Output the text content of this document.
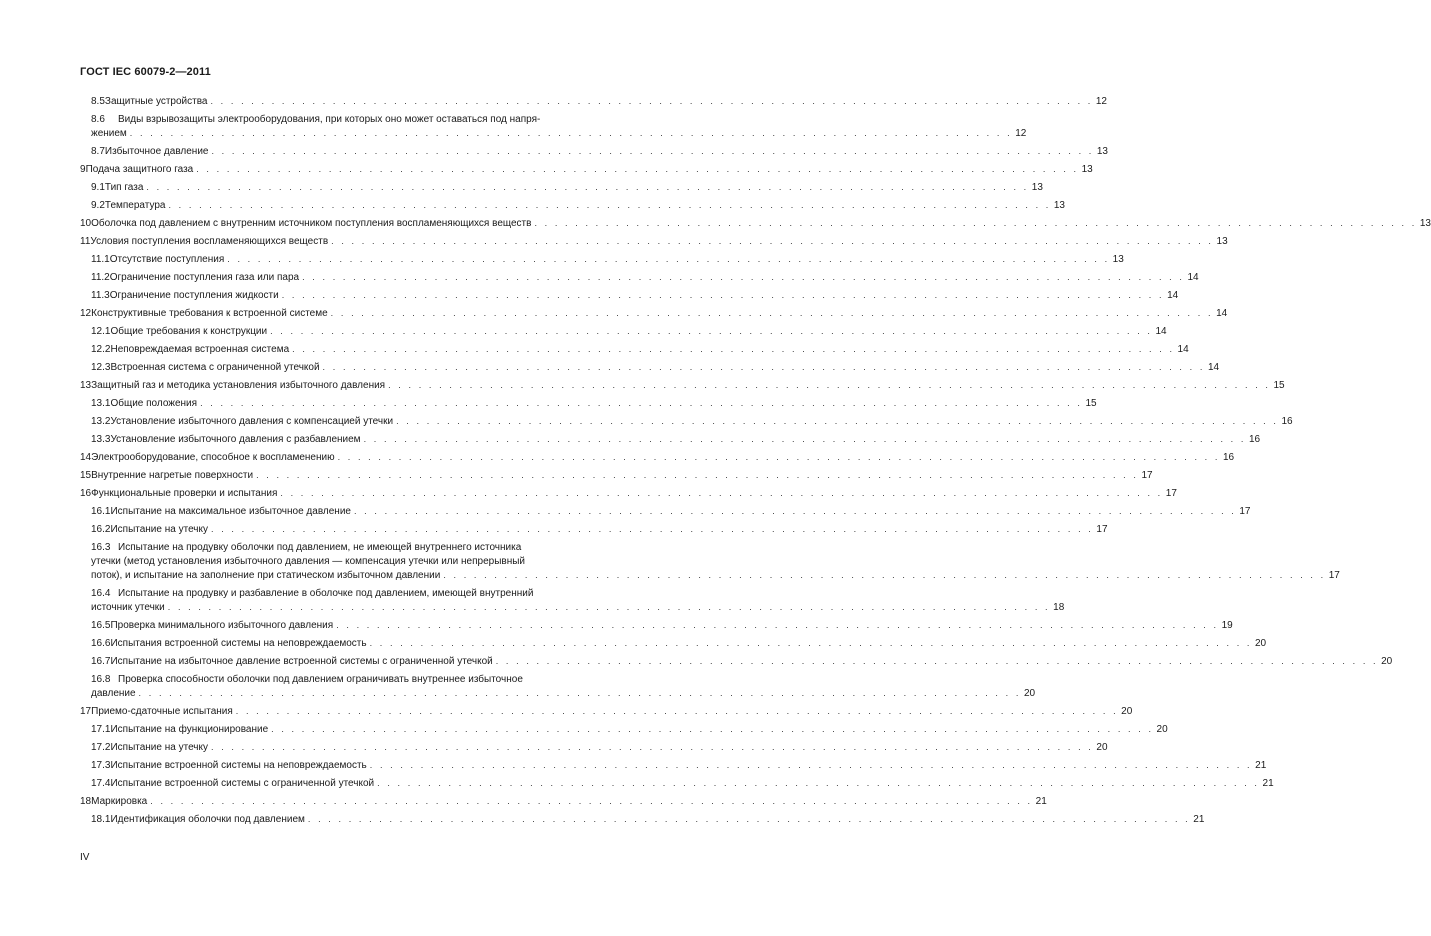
ГОСТ IEC 60079-2—2011
8.5 Защитные устройства . . . . . . . . . . . . . . . . . . . . . . . . . . . . . . . . . . . . . . . . . . . . . . . . . . . . . . . . . . . . . . . . . . . . . . . . . . . . . . . . . . . . . . . 12
8.6 Виды взрывозащиты электрооборудования, при которых оно может оставаться под напря-
жением . . . . . . . . . . . . . . . . . . . . . . . . . . . . . . . . . . . . . . . . . . . . . . . . . . . . . . . . . . . . . . . . . . . . . . . . . . . . . . . . . . . . . . . 12
8.7 Избыточное давление . . . . . . . . . . . . . . . . . . . . . . . . . . . . . . . . . . . . . . . . . . . . . . . . . . . . . . . . . . . . . . . . . . . . . . . . . . . . . . . . . . . . . . . 13
9 Подача защитного газа . . . . . . . . . . . . . . . . . . . . . . . . . . . . . . . . . . . . . . . . . . . . . . . . . . . . . . . . . . . . . . . . . . . . . . . . . . . . . . . . . . . . . . . 13
9.1 Тип газа . . . . . . . . . . . . . . . . . . . . . . . . . . . . . . . . . . . . . . . . . . . . . . . . . . . . . . . . . . . . . . . . . . . . . . . . . . . . . . . . . . . . . . . 13
9.2 Температура . . . . . . . . . . . . . . . . . . . . . . . . . . . . . . . . . . . . . . . . . . . . . . . . . . . . . . . . . . . . . . . . . . . . . . . . . . . . . . . . . . . . . . . 13
10 Оболочка под давлением с внутренним источником поступления воспламеняющихся веществ . . . . . . . . . . . . . . . . . . . . . . . . . . . . . . . . . . . . . . . . . . . . . . . . . . . . . . . . . . . . . . . . . . . . . . . . . . . . . . . . . . . . . . . 13
11 Условия поступления воспламеняющихся веществ . . . . . . . . . . . . . . . . . . . . . . . . . . . . . . . . . . . . . . . . . . . . . . . . . . . . . . . . . . . . . . . . . . . . . . . . . . . . . . . . . . . . . . . 13
11.1 Отсутствие поступления . . . . . . . . . . . . . . . . . . . . . . . . . . . . . . . . . . . . . . . . . . . . . . . . . . . . . . . . . . . . . . . . . . . . . . . . . . . . . . . . . . . . . . . 13
11.2 Ограничение поступления газа или пара . . . . . . . . . . . . . . . . . . . . . . . . . . . . . . . . . . . . . . . . . . . . . . . . . . . . . . . . . . . . . . . . . . . . . . . . . . . . . . . . . . . . . . . 14
11.3 Ограничение поступления жидкости . . . . . . . . . . . . . . . . . . . . . . . . . . . . . . . . . . . . . . . . . . . . . . . . . . . . . . . . . . . . . . . . . . . . . . . . . . . . . . . . . . . . . . . 14
12 Конструктивные требования к встроенной системе . . . . . . . . . . . . . . . . . . . . . . . . . . . . . . . . . . . . . . . . . . . . . . . . . . . . . . . . . . . . . . . . . . . . . . . . . . . . . . . . . . . . . . . 14
12.1 Общие требования к конструкции . . . . . . . . . . . . . . . . . . . . . . . . . . . . . . . . . . . . . . . . . . . . . . . . . . . . . . . . . . . . . . . . . . . . . . . . . . . . . . . . . . . . . . . 14
12.2 Неповреждаемая встроенная система . . . . . . . . . . . . . . . . . . . . . . . . . . . . . . . . . . . . . . . . . . . . . . . . . . . . . . . . . . . . . . . . . . . . . . . . . . . . . . . . . . . . . . . 14
12.3 Встроенная система с ограниченной утечкой . . . . . . . . . . . . . . . . . . . . . . . . . . . . . . . . . . . . . . . . . . . . . . . . . . . . . . . . . . . . . . . . . . . . . . . . . . . . . . . . . . . . . . . 14
13 Защитный газ и методика установления избыточного давления . . . . . . . . . . . . . . . . . . . . . . . . . . . . . . . . . . . . . . . . . . . . . . . . . . . . . . . . . . . . . . . . . . . . . . . . . . . . . . . . . . . . . . . 15
13.1 Общие положения . . . . . . . . . . . . . . . . . . . . . . . . . . . . . . . . . . . . . . . . . . . . . . . . . . . . . . . . . . . . . . . . . . . . . . . . . . . . . . . . . . . . . . . 15
13.2 Установление избыточного давления с компенсацией утечки . . . . . . . . . . . . . . . . . . . . . . . . . . . . . . . . . . . . . . . . . . . . . . . . . . . . . . . . . . . . . . . . . . . . . . . . . . . . . . . . . . . . . . . 16
13.3 Установление избыточного давления с разбавлением . . . . . . . . . . . . . . . . . . . . . . . . . . . . . . . . . . . . . . . . . . . . . . . . . . . . . . . . . . . . . . . . . . . . . . . . . . . . . . . . . . . . . . . 16
14 Электрооборудование, способное к воспламенению . . . . . . . . . . . . . . . . . . . . . . . . . . . . . . . . . . . . . . . . . . . . . . . . . . . . . . . . . . . . . . . . . . . . . . . . . . . . . . . . . . . . . . . 16
15 Внутренние нагретые поверхности . . . . . . . . . . . . . . . . . . . . . . . . . . . . . . . . . . . . . . . . . . . . . . . . . . . . . . . . . . . . . . . . . . . . . . . . . . . . . . . . . . . . . . . 17
16 Функциональные проверки и испытания . . . . . . . . . . . . . . . . . . . . . . . . . . . . . . . . . . . . . . . . . . . . . . . . . . . . . . . . . . . . . . . . . . . . . . . . . . . . . . . . . . . . . . . 17
16.1 Испытание на максимальное избыточное давление . . . . . . . . . . . . . . . . . . . . . . . . . . . . . . . . . . . . . . . . . . . . . . . . . . . . . . . . . . . . . . . . . . . . . . . . . . . . . . . . . . . . . . . 17
16.2 Испытание на утечку . . . . . . . . . . . . . . . . . . . . . . . . . . . . . . . . . . . . . . . . . . . . . . . . . . . . . . . . . . . . . . . . . . . . . . . . . . . . . . . . . . . . . . . 17
16.3 Испытание на продувку оболочки под давлением, не имеющей внутреннего источника
утечки (метод установления избыточного давления — компенсация утечки или непрерывный
поток), и испытание на заполнение при статическом избыточном давлении . . . . . . . . . . . . . . . . . . . . . . . . . . . . . . . . . . . . . . . . . . . . . . . . . . . . . . . . . . . . . . . . . . . . . . . . . . . . . . . . . . . . . . . 17
16.4 Испытание на продувку и разбавление в оболочке под давлением, имеющей внутренний
источник утечки . . . . . . . . . . . . . . . . . . . . . . . . . . . . . . . . . . . . . . . . . . . . . . . . . . . . . . . . . . . . . . . . . . . . . . . . . . . . . . . . . . . . . . . 18
16.5 Проверка минимального избыточного давления . . . . . . . . . . . . . . . . . . . . . . . . . . . . . . . . . . . . . . . . . . . . . . . . . . . . . . . . . . . . . . . . . . . . . . . . . . . . . . . . . . . . . . . 19
16.6 Испытания встроенной системы на неповреждаемость . . . . . . . . . . . . . . . . . . . . . . . . . . . . . . . . . . . . . . . . . . . . . . . . . . . . . . . . . . . . . . . . . . . . . . . . . . . . . . . . . . . . . . . 20
16.7 Испытание на избыточное давление встроенной системы с ограниченной утечкой . . . . . . . . . . . . . . . . . . . . . . . . . . . . . . . . . . . . . . . . . . . . . . . . . . . . . . . . . . . . . . . . . . . . . . . . . . . . . . . . . . . . . . . 20
16.8 Проверка способности оболочки под давлением ограничивать внутреннее избыточное
давление . . . . . . . . . . . . . . . . . . . . . . . . . . . . . . . . . . . . . . . . . . . . . . . . . . . . . . . . . . . . . . . . . . . . . . . . . . . . . . . . . . . . . . . 20
17 Приемо-сдаточные испытания . . . . . . . . . . . . . . . . . . . . . . . . . . . . . . . . . . . . . . . . . . . . . . . . . . . . . . . . . . . . . . . . . . . . . . . . . . . . . . . . . . . . . . . 20
17.1 Испытание на функционирование . . . . . . . . . . . . . . . . . . . . . . . . . . . . . . . . . . . . . . . . . . . . . . . . . . . . . . . . . . . . . . . . . . . . . . . . . . . . . . . . . . . . . . . 20
17.2 Испытание на утечку . . . . . . . . . . . . . . . . . . . . . . . . . . . . . . . . . . . . . . . . . . . . . . . . . . . . . . . . . . . . . . . . . . . . . . . . . . . . . . . . . . . . . . . 20
17.3 Испытание встроенной системы на неповреждаемость . . . . . . . . . . . . . . . . . . . . . . . . . . . . . . . . . . . . . . . . . . . . . . . . . . . . . . . . . . . . . . . . . . . . . . . . . . . . . . . . . . . . . . . 21
17.4 Испытание встроенной системы с ограниченной утечкой . . . . . . . . . . . . . . . . . . . . . . . . . . . . . . . . . . . . . . . . . . . . . . . . . . . . . . . . . . . . . . . . . . . . . . . . . . . . . . . . . . . . . . . 21
18 Маркировка . . . . . . . . . . . . . . . . . . . . . . . . . . . . . . . . . . . . . . . . . . . . . . . . . . . . . . . . . . . . . . . . . . . . . . . . . . . . . . . . . . . . . . . 21
18.1 Идентификация оболочки под давлением . . . . . . . . . . . . . . . . . . . . . . . . . . . . . . . . . . . . . . . . . . . . . . . . . . . . . . . . . . . . . . . . . . . . . . . . . . . . . . . . . . . . . . . 21
IV
